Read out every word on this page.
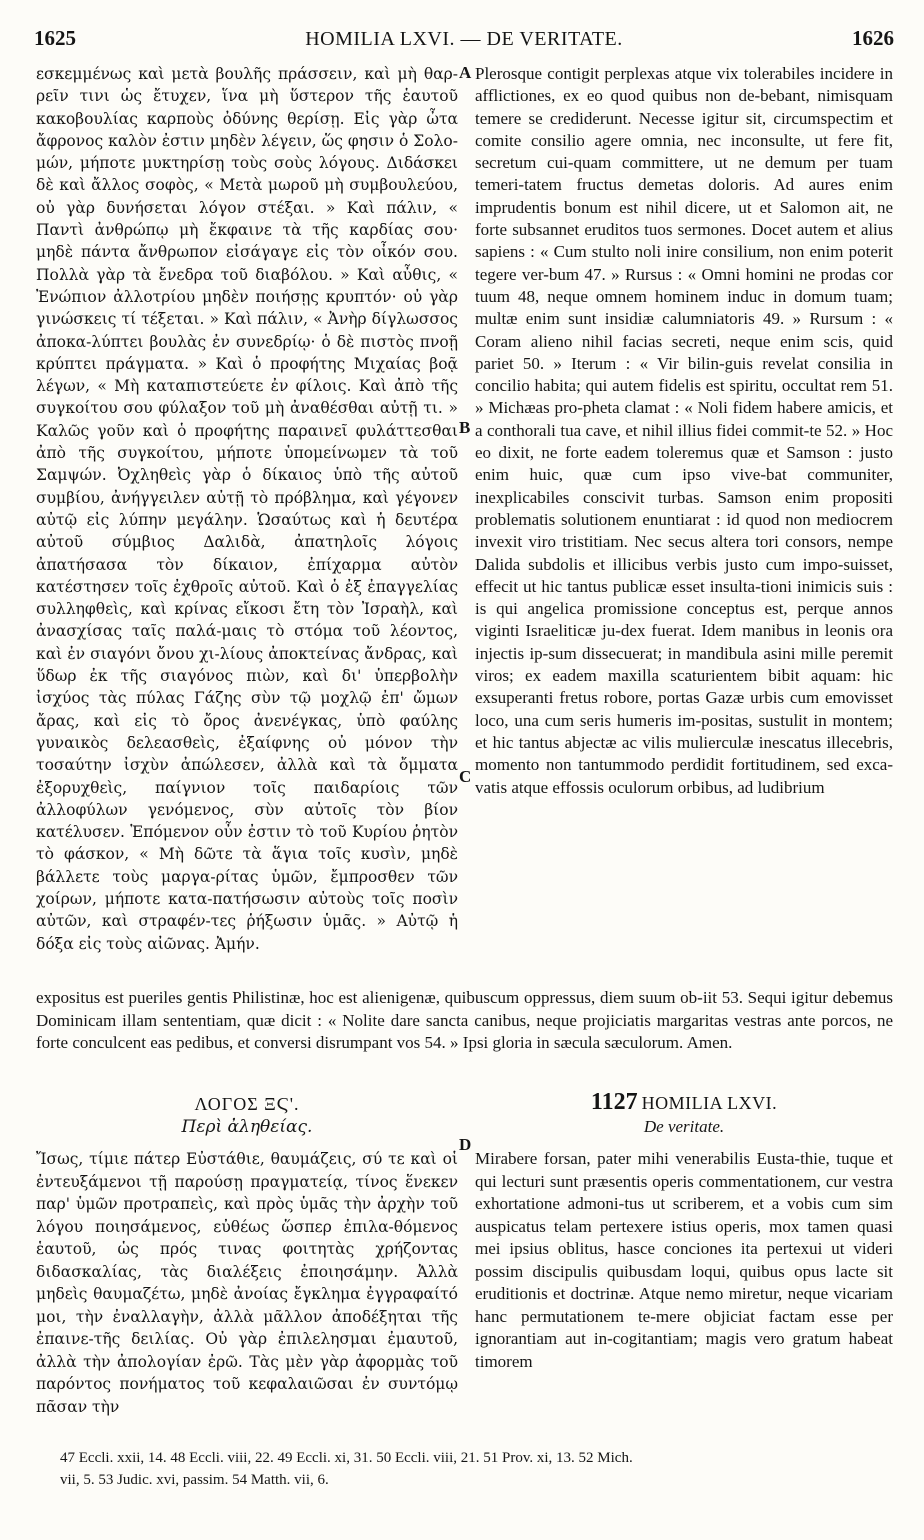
1625	HOMILIA LXVI. — DE VERITATE.	1626

εσκεμμένως καὶ μετὰ βουλῆς πράσσειν, καὶ μὴ θαρ-ρεῖν τινι ὡς ἔτυχεν, ἵνα μὴ ὕστερον τῆς ἑαυτοῦ κακοβουλίας καρποὺς ὀδύνης θερίσῃ. Εἰς γὰρ ὦτα ἄφρονος καλὸν ἐστιν μηδὲν λέγειν, ὥς φησιν ὁ Σολο-μών, μήποτε μυκτηρίσῃ τοὺς σοὺς λόγους. Διδάσκει δὲ καὶ ἄλλος σοφὸς, « Μετὰ μωροῦ μὴ συμβουλεύου, οὐ γὰρ δυνήσεται λόγον στέξαι. » Καὶ πάλιν, « Παντὶ ἀνθρώπῳ μὴ ἔκφαινε τὰ τῆς καρδίας σου· μηδὲ πάντα ἄνθρωπον εἰσάγαγε εἰς τὸν οἶκόν σου. Πολλὰ γὰρ τὰ ἔνεδρα τοῦ διαβόλου. » Καὶ αὖθις, « Ἐνώπιον ἀλλοτρίου μηδὲν ποιήσῃς κρυπτόν· οὐ γὰρ γινώσκεις τί τέξεται. » Καὶ πάλιν, « Ἀνὴρ δίγλωσσος ἀποκα-λύπτει βουλὰς ἐν συνεδρίῳ· ὁ δὲ πιστὸς πνοῇ κρύπτει πράγματα. » Καὶ ὁ προφήτης Μιχαίας βοᾷ λέγων, « Μὴ καταπιστεύετε ἐν φίλοις. Καὶ ἀπὸ τῆς συγκοίτου σου φύλαξον τοῦ μὴ ἀναθέσθαι αὐτῇ τι. » Καλῶς γοῦν καὶ ὁ προφήτης παραινεῖ φυλάττεσθαι ἀπὸ τῆς συγκοίτου, μήποτε ὑπομείνωμεν τὰ τοῦ Σαμψών. Ὀχληθεὶς γὰρ ὁ δίκαιος ὑπὸ τῆς αὐτοῦ συμβίου, ἀνήγγειλεν αὐτῇ τὸ πρόβλημα, καὶ γέγονεν αὐτῷ εἰς λύπην μεγάλην. Ὡσαύτως καὶ ἡ δευτέρα αὐτοῦ σύμβιος Δαλιδὰ, ἀπατηλοῖς λόγοις ἀπατήσασα τὸν δίκαιον, ἐπίχαρμα αὐτὸν κατέστησεν τοῖς ἐχθροῖς αὐτοῦ. Καὶ ὁ ἐξ ἐπαγγελίας συλληφθεὶς, καὶ κρίνας εἴκοσι ἔτη τὸν Ἰσραὴλ, καὶ ἀνασχίσας ταῖς παλά-μαις τὸ στόμα τοῦ λέοντος, καὶ ἐν σιαγόνι ὄνου χι-λίους ἀποκτείνας ἄνδρας, καὶ ὕδωρ ἐκ τῆς σιαγόνος πιὼν, καὶ δι' ὑπερβολὴν ἰσχύος τὰς πύλας Γάζης σὺν τῷ μοχλῷ ἐπ' ὤμων ἄρας, καὶ εἰς τὸ ὄρος ἀνενέγκας, ὑπὸ φαύλης γυναικὸς δελεασθεὶς, ἐξαίφνης οὐ μόνον τὴν τοσαύτην ἰσχὺν ἀπώλεσεν, ἀλλὰ καὶ τὰ ὄμματα ἐξορυχθεὶς, παίγνιον τοῖς παιδαρίοις τῶν ἀλλοφύλων γενόμενος, σὺν αὐτοῖς τὸν βίον κατέλυσεν. Ἑπόμενον οὖν ἐστιν τὸ τοῦ Κυρίου ῥητὸν τὸ φάσκον, « Μὴ δῶτε τὰ ἅγια τοῖς κυσὶν, μηδὲ βάλλετε τοὺς μαργα-ρίτας ὑμῶν, ἔμπροσθεν τῶν χοίρων, μήποτε κατα-πατήσωσιν αὐτοὺς τοῖς ποσὶν αὐτῶν, καὶ στραφέν-τες ῥήξωσιν ὑμᾶς. » Αὐτῷ ἡ δόξα εἰς τοὺς αἰῶνας. Ἀμήν.

Plerosque contigit perplexas atque vix tolerabiles incidere in afflictiones, ex eo quod quibus non de-bebant, nimisquam temere se crediderunt. Necesse igitur sit, circumspectim et comite consilio agere omnia, nec inconsulte, ut fere fit, secretum cui-quam committere, ut ne demum per tuam temeri-tatem fructus demetas doloris. Ad aures enim imprudentis bonum est nihil dicere, ut et Salomon ait, ne forte subsannet eruditos tuos sermones. Docet autem et alius sapiens : « Cum stulto noli inire consilium, non enim poterit tegere ver-bum 47. » Rursus : « Omni homini ne prodas cor tuum 48, neque omnem hominem induc in domum tuam; multæ enim sunt insidiæ calumniatoris 49. » Rursum : « Coram alieno nihil facias secreti, neque enim scis, quid pariet 50. » Iterum : « Vir bilin-guis revelat consilia in concilio habita; qui autem fidelis est spiritu, occultat rem 51. » Michæas pro-pheta clamat : « Noli fidem habere amicis, et a conthorali tua cave, et nihil illius fidei commit-te 52. » Hoc eo dixit, ne forte eadem toleremus quæ et Samson : justo enim huic, quæ cum ipso vive-bat communiter, inexplicabiles conscivit turbas. Samson enim propositi problematis solutionem enuntiarat : id quod non mediocrem invexit viro tristitiam. Nec secus altera tori consors, nempe Dalida subdolis et illicibus verbis justo cum impo-suisset, effecit ut hic tantus publicæ esset insulta-tioni inimicis suis : is qui angelica promissione conceptus est, perque annos viginti Israeliticæ ju-dex fuerat. Idem manibus in leonis ora injectis ip-sum dissecuerat; in mandibula asini mille peremit viros; ex eadem maxilla scaturientem bibit aquam: hic exsuperanti fretus robore, portas Gazæ urbis cum emovisset loco, una cum seris humeris im-positas, sustulit in montem; et hic tantus abjectæ ac vilis mulierculæ inescatus illecebris, momento non tantummodo perdidit fortitudinem, sed exca-vatis atque effossis oculorum orbibus, ad ludibrium

A
B
C
D

expositus est pueriles gentis Philistinæ, hoc est alienigenæ, quibuscum oppressus, diem suum ob-iit 53. Sequi igitur debemus Dominicam illam sententiam, quæ dicit : « Nolite dare sancta canibus, neque projiciatis margaritas vestras ante porcos, ne forte conculcent eas pedibus, et conversi disrumpant vos 54. » Ipsi gloria in sæcula sæculorum. Amen.

ΛΟΓΟΣ ΞϚ'.
Περὶ ἀληθείας.
1127 HOMILIA LXVI.
De veritate.

Ἴσως, τίμιε πάτερ Εὐστάθιε, θαυμάζεις, σύ τε καὶ οἱ ἐντευξάμενοι τῇ παρούσῃ πραγματείᾳ, τίνος ἕνεκεν παρ' ὑμῶν προτραπεὶς, καὶ πρὸς ὑμᾶς τὴν ἀρχὴν τοῦ λόγου ποιησάμενος, εὐθέως ὥσπερ ἐπιλα-θόμενος ἑαυτοῦ, ὡς πρός τινας φοιτητὰς χρήζοντας διδασκαλίας, τὰς διαλέξεις ἐποιησάμην. Ἀλλὰ μηδεὶς θαυμαζέτω, μηδὲ ἀνοίας ἔγκλημα ἐγγραφαίτό μοι, τὴν ἐναλλαγὴν, ἀλλὰ μᾶλλον ἀποδέξηται τῆς ἐπαινε-τῆς δειλίας. Οὐ γὰρ ἐπιλελησμαι ἐμαυτοῦ, ἀλλὰ τὴν ἀπολογίαν ἐρῶ. Τὰς μὲν γὰρ ἀφορμὰς τοῦ παρόντος πονήματος τοῦ κεφαλαιῶσαι ἐν συντόμῳ πᾶσαν τὴν

Mirabere forsan, pater mihi venerabilis Eusta-thie, tuque et qui lecturi sunt præsentis operis commentationem, cur vestra exhortatione admoni-tus ut scriberem, et a vobis cum sim auspicatus telam pertexere istius operis, mox tamen quasi mei ipsius oblitus, hasce conciones ita pertexui ut videri possim discipulis quibusdam loqui, quibus opus lacte sit eruditionis et doctrinæ. Atque nemo miretur, neque vicariam hanc permutationem te-mere objiciat factam esse per ignorantiam aut in-cogitantiam; magis vero gratum habeat timorem

47 Eccli. xxii, 14. 48 Eccli. viii, 22. 49 Eccli. xi, 31. 50 Eccli. viii, 21. 51 Prov. xi, 13. 52 Mich.

vii, 5. 53 Judic. xvi, passim. 54 Matth. vii, 6.
